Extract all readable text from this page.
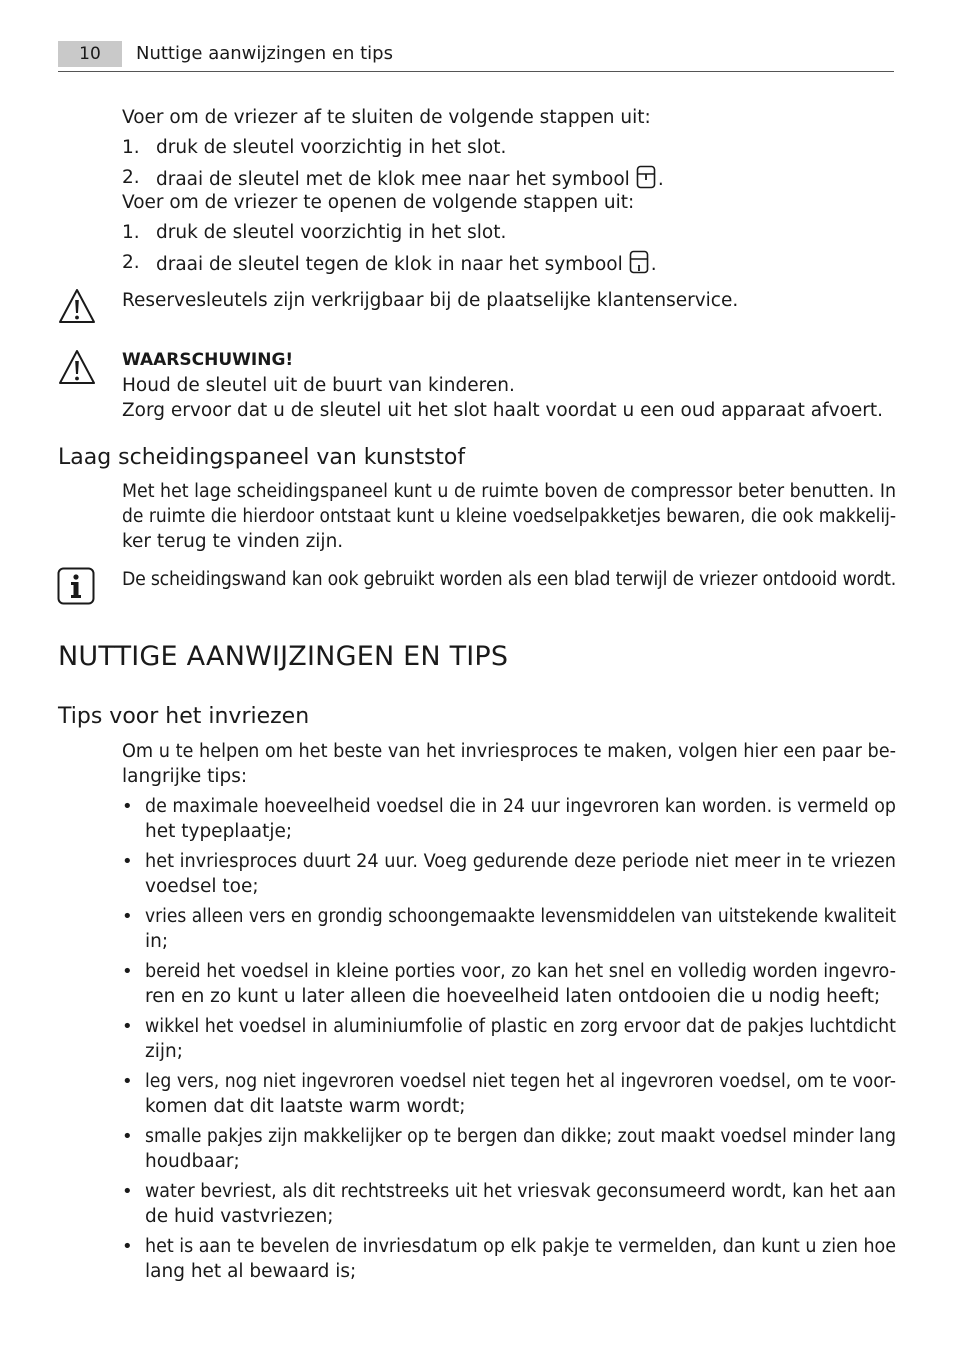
10	Nuttige aanwijzingen en tips
Voer om de vriezer af te sluiten de volgende stappen uit:
1. druk de sleutel voorzichtig in het slot.
2. draai de sleutel met de klok mee naar het symbool .
Voer om de vriezer te openen de volgende stappen uit:
1. druk de sleutel voorzichtig in het slot.
2. draai de sleutel tegen de klok in naar het symbool .
Reservesleutels zijn verkrijgbaar bij de plaatselijke klantenservice.
WAARSCHUWING!
Houd de sleutel uit de buurt van kinderen.
Zorg ervoor dat u de sleutel uit het slot haalt voordat u een oud apparaat afvoert.
Laag scheidingspaneel van kunststof
Met het lage scheidingspaneel kunt u de ruimte boven de compressor beter benutten. In
de ruimte die hierdoor ontstaat kunt u kleine voedselpakketjes bewaren, die ook makkelij-
ker terug te vinden zijn.
De scheidingswand kan ook gebruikt worden als een blad terwijl de vriezer ontdooid wordt.
NUTTIGE AANWIJZINGEN EN TIPS
Tips voor het invriezen
Om u te helpen om het beste van het invriesproces te maken, volgen hier een paar be-
langrijke tips:
• de maximale hoeveelheid voedsel die in 24 uur ingevroren kan worden. is vermeld op
het typeplaatje;
• het invriesproces duurt 24 uur. Voeg gedurende deze periode niet meer in te vriezen
voedsel toe;
• vries alleen vers en grondig schoongemaakte levensmiddelen van uitstekende kwaliteit
in;
• bereid het voedsel in kleine porties voor, zo kan het snel en volledig worden ingevro-
ren en zo kunt u later alleen die hoeveelheid laten ontdooien die u nodig heeft;
• wikkel het voedsel in aluminiumfolie of plastic en zorg ervoor dat de pakjes luchtdicht
zijn;
• leg vers, nog niet ingevroren voedsel niet tegen het al ingevroren voedsel, om te voor-
komen dat dit laatste warm wordt;
• smalle pakjes zijn makkelijker op te bergen dan dikke; zout maakt voedsel minder lang
houdbaar;
• water bevriest, als dit rechtstreeks uit het vriesvak geconsumeerd wordt, kan het aan
de huid vastvriezen;
• het is aan te bevelen de invriesdatum op elk pakje te vermelden, dan kunt u zien hoe
lang het al bewaard is;
